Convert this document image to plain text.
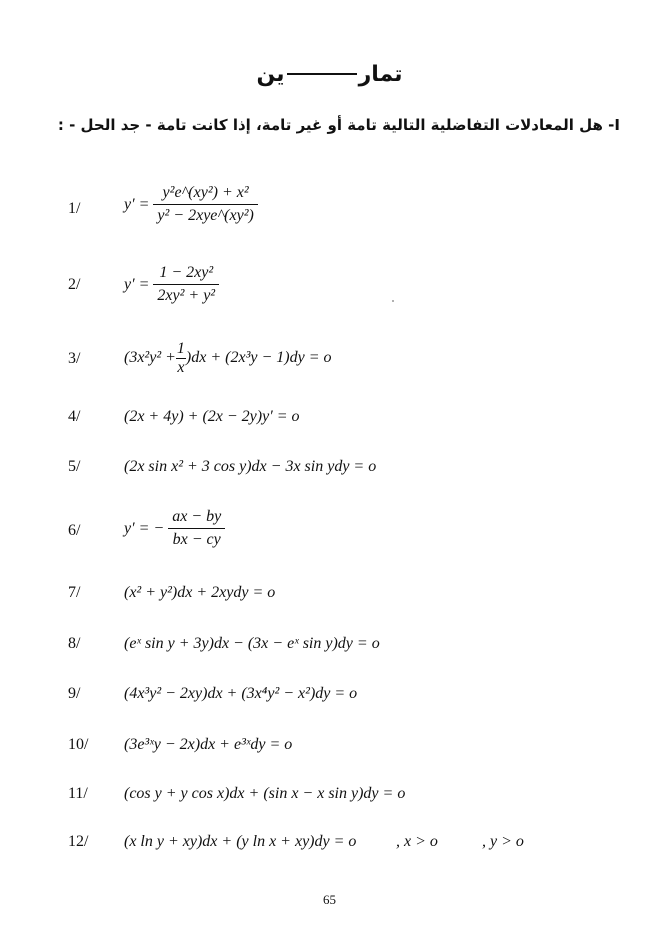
تمارين
I- هل المعادلات التفاضلية التالية تامة أو غير تامة، إذا كانت تامة - جد الحل - :
1/	$y' = \frac{\text{y²e\textasciicircum{}(xy²) + x²}}{\text{y² − 2xye\textasciicircum{}(xy²)}}$
2/	$y' = \frac{\text{1 − 2xy²}}{\text{2xy² + y²}}$
3/	$(3x^2y^2 + \frac{1}{x} )dx + (2x^3y - 1)dy = o$
4/	(2x + 4y) + (2x − 2y)y′ = o
5/	(2x sin x² + 3 cos y)dx − 3x sin ydy = o
6/	y′ = − $\frac{ax - by}{bx - cy}$
7/	(x² + y²)dx + 2xydy = o
8/	(eˣ sin y + 3y)dx − (3x − eˣ sin y)dy = o
9/	(4x³y² − 2xy)dx + (3x⁴y² − x²)dy = o
10/ (3e³ˣy − 2x)dx + e³ˣdy = o
11/ (cos y + y cos x)dx + (sin x − x sin y)dy = o
12/ (x ln y + xy)dx + (y ln x + xy)dy = o , x > o	, y > o
65
